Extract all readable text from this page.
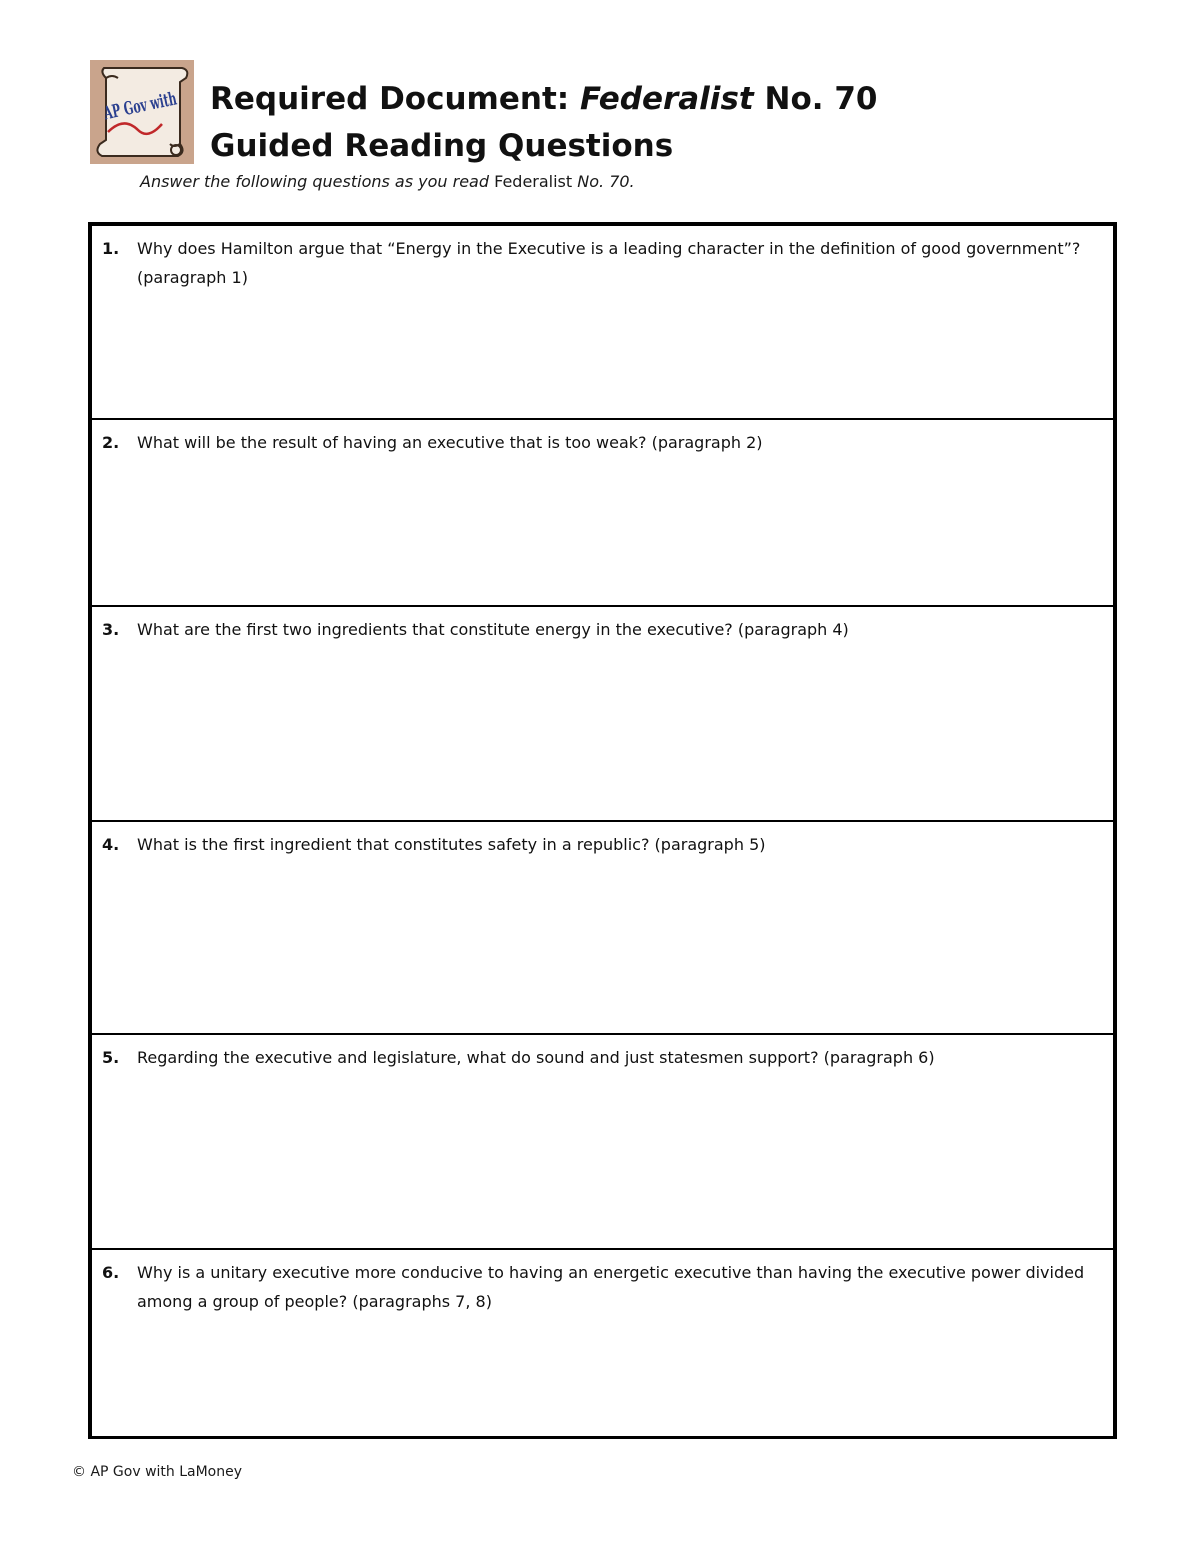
AP Gov with
Required Document: Federalist No. 70
Guided Reading Questions
Answer the following questions as you read Federalist No. 70.
1. Why does Hamilton argue that “Energy in the Executive is a leading character in the definition of good government”? (paragraph 1)
2. What will be the result of having an executive that is too weak? (paragraph 2)
3. What are the first two ingredients that constitute energy in the executive? (paragraph 4)
4. What is the first ingredient that constitutes safety in a republic? (paragraph 5)
5. Regarding the executive and legislature, what do sound and just statesmen support? (paragraph 6)
6. Why is a unitary executive more conducive to having an energetic executive than having the executive power divided among a group of people? (paragraphs 7, 8)
© AP Gov with LaMoney
